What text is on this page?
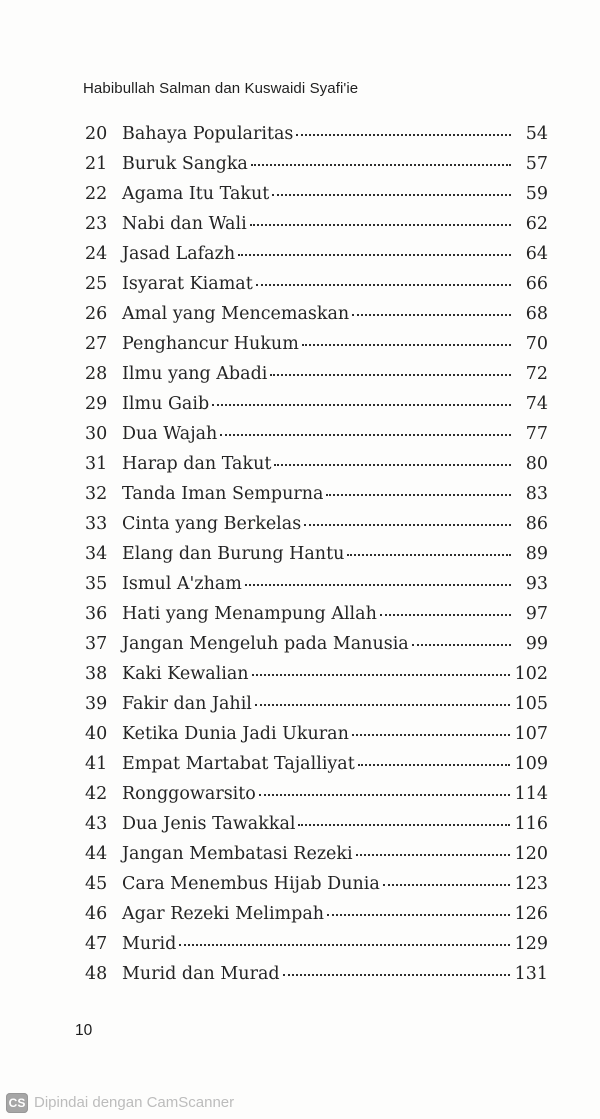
Habibullah Salman dan Kuswaidi Syafi'ie
20 Bahaya Popularitas	54
21 Buruk Sangka	57
22 Agama Itu Takut	59
23 Nabi dan Wali	62
24 Jasad Lafazh	64
25 Isyarat Kiamat	66
26 Amal yang Mencemaskan	68
27 Penghancur Hukum	70
28 Ilmu yang Abadi	72
29 Ilmu Gaib	74
30 Dua Wajah	77
31 Harap dan Takut	80
32 Tanda Iman Sempurna	83
33 Cinta yang Berkelas	86
34 Elang dan Burung Hantu	89
35 Ismul A'zham	93
36 Hati yang Menampung Allah	97
37 Jangan Mengeluh pada Manusia	99
38 Kaki Kewalian	102
39 Fakir dan Jahil	105
40 Ketika Dunia Jadi Ukuran	107
41 Empat Martabat Tajalliyat	109
42 Ronggowarsito	114
43 Dua Jenis Tawakkal	116
44 Jangan Membatasi Rezeki	120
45 Cara Menembus Hijab Dunia	123
46 Agar Rezeki Melimpah	126
47 Murid	129
48 Murid dan Murad	131
10
CS Dipindai dengan CamScanner
